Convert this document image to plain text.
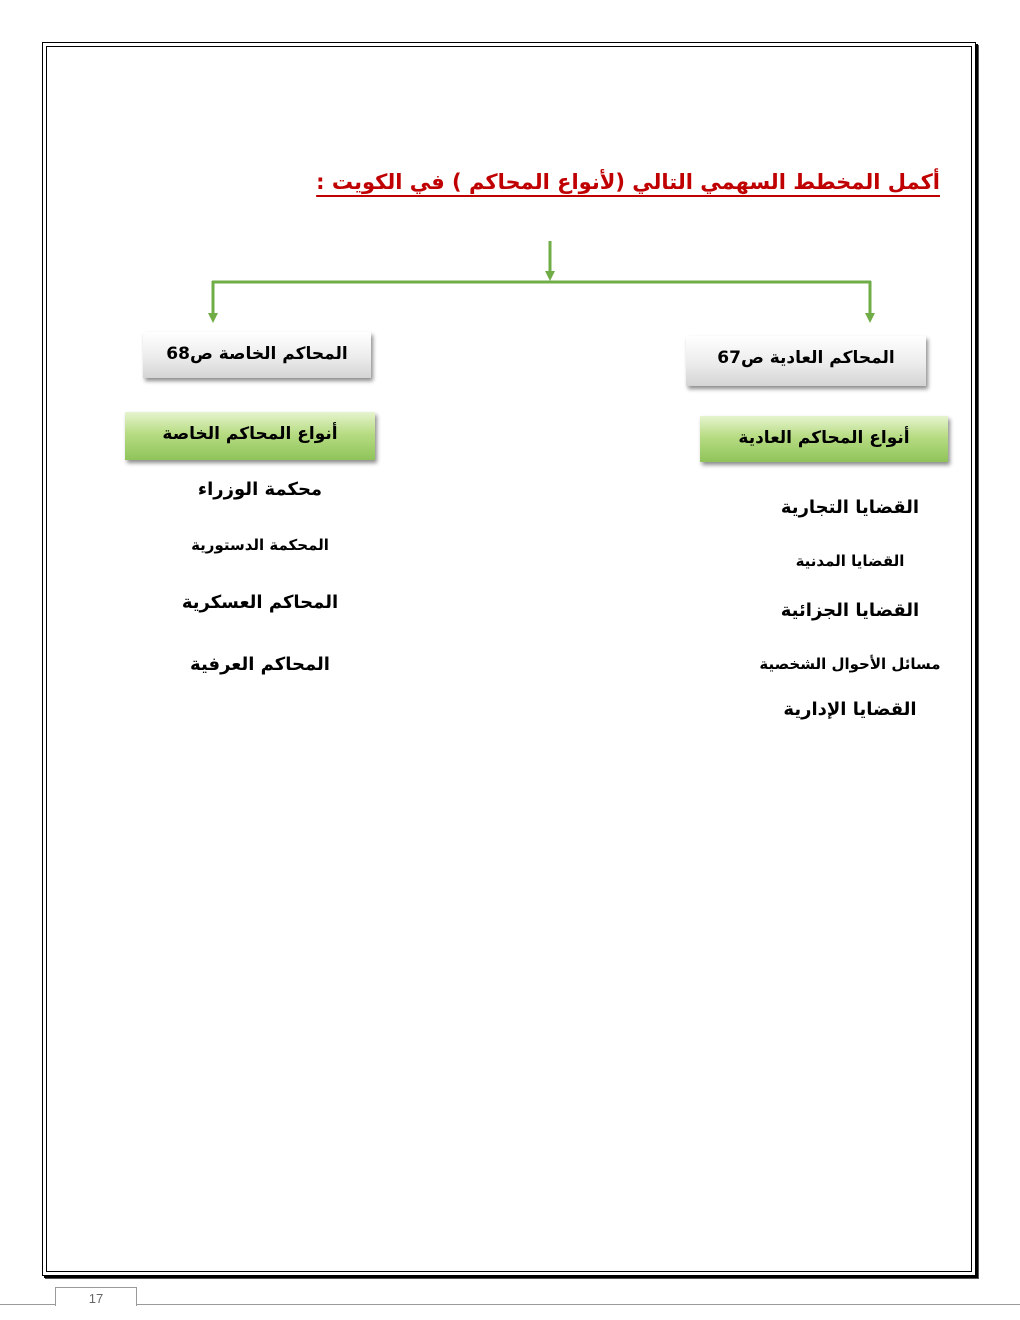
أكمل المخطط السهمي التالي (لأنواع المحاكم ) في الكويت :
المحاكم العادية ص67
المحاكم الخاصة ص68
أنواع المحاكم العادية
أنواع المحاكم الخاصة
القضايا التجارية
القضايا المدنية
القضايا الجزائية
مسائل الأحوال الشخصية
القضايا الإدارية
محكمة الوزراء
المحكمة الدستورية
المحاكم العسكرية
المحاكم العرفية
17
